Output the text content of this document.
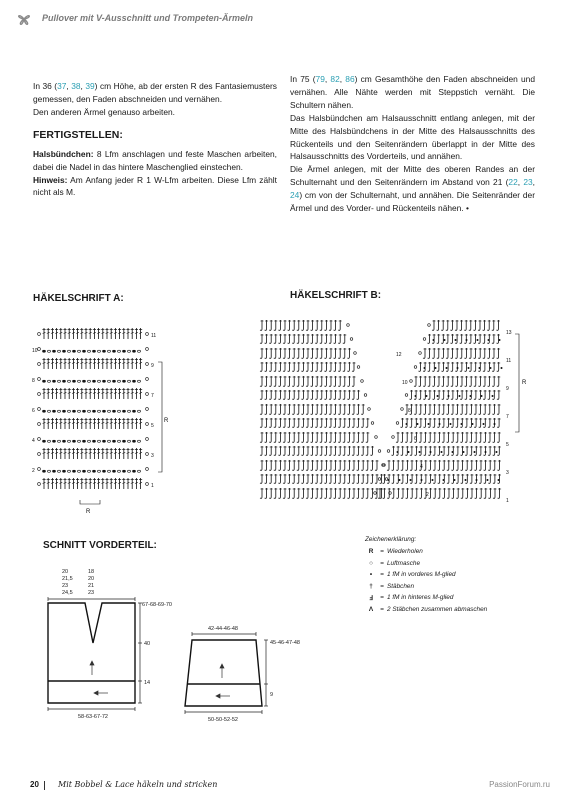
Pullover mit V-Ausschnitt und Trompeten-Ärmeln

In 36 (37, 38, 39) cm Höhe, ab der ersten R des Fantasiemusters gemessen, den Faden abschneiden und vernähen.

Den anderen Ärmel genauso arbeiten.

FERTIGSTELLEN:

Halsbündchen: 8 Lfm anschlagen und feste Maschen arbeiten, dabei die Nadel in das hintere Maschenglied einstechen.

Hinweis: Am Anfang jeder R 1 W-Lfm arbeiten. Diese Lfm zählt nicht als M.

In 75 (79, 82, 86) cm Gesamthöhe den Faden abschneiden und vernähen. Alle Nähte werden mit Steppstich vernäht. Die Schultern nähen.

Das Halsbündchen am Halsausschnitt entlang anlegen, mit der Mitte des Halsbündchens in der Mitte des Halsausschnitts des Rückenteils und den Seitenrändern überlappt in der Mitte des Halsausschnitts des Vorderteils, und annähen.

Die Ärmel anlegen, mit der Mitte des oberen Randes an der Schulternaht und den Seitenrändern im Abstand von 21 (22, 23, 24) cm von der Schulternaht, und annähen. Die Seitenränder der Ärmel und des Vorder- und Rückenteils nähen. •

HÄKELSCHRIFT A:
10
8
6
4
2
11
9
7
5
3
1
R
R
HÄKELSCHRIFT B:
12
10
8
6
4
2
13
11
9
7
5
3
1
R
SCHNITT VORDERTEIL:
20
21,5
23
24,5
18
20
21
23
67-68-69-70
40
14
58-63-67-72
42-44-46-48
45-46-47-48
9
50-50-52-52
Zeichenerklärung:
R	= Wiederholen
○	= Luftmasche
•	= 1 fM in vorderes M-glied
†	= Stäbchen
Ⅎ	= 1 fM in hinteres M-glied
Λ	= 2 Stäbchen zusammen abmaschen
20 Mit Bobbel & Lace häkeln und stricken	PassionForum.ru
